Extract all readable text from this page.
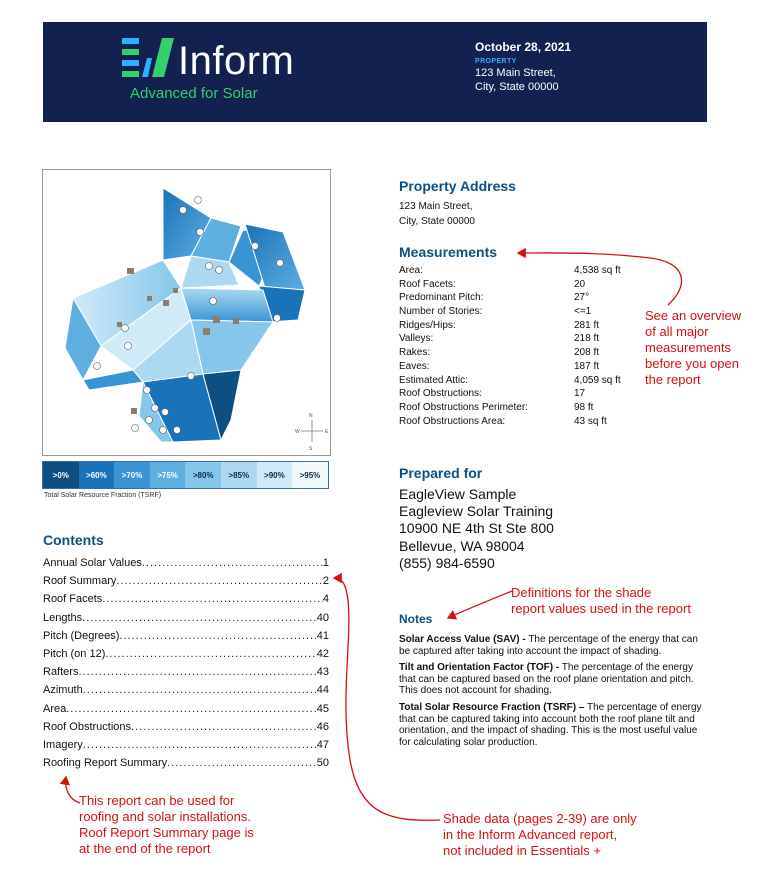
Inform
Advanced for Solar
October 28, 2021
PROPERTY
123 Main Street,
City, State 00000
N
S
W	E
>0%	>60%	>70%	>75%	>80%	>85%	>90%	>95%
Total Solar Resource Fraction (TSRF)
Contents
Annual Solar Values .....	1
Roof Summary .....	2
Roof Facets .....	4
Lengths .....	40
Pitch (Degrees) .....	41
Pitch (on 12) .....	42
Rafters .....	43
Azimuth .....	44
Area .....	45
Roof Obstructions .....	46
Imagery .....	47
Roofing Report Summary .....	50
Property Address
123 Main Street,
City, State 00000
Measurements
Area:	4,538 sq ft
Roof Facets:	20
Predominant Pitch:	27°
Number of Stories:	<=1
Ridges/Hips:	281 ft
Valleys:	218 ft
Rakes:	208 ft
Eaves:	187 ft
Estimated Attic:	4,059 sq ft
Roof Obstructions:	17
Roof Obstructions Perimeter:	98 ft
Roof Obstructions Area:	43 sq ft
Prepared for
EagleView Sample
Eagleview Solar Training
10900 NE 4th St Ste 800
Bellevue, WA 98004
(855) 984-6590
Notes

Solar Access Value (SAV) - The percentage of the energy that can be captured after taking into account the impact of shading.

Tilt and Orientation Factor (TOF) - The percentage of the energy that can be captured based on the roof plane orientation and pitch. This does not account for shading.

Total Solar Resource Fraction (TSRF) – The percentage of energy that can be captured taking into account both the roof plane tilt and orientation, and the impact of shading. This is the most useful value for calculating solar production.

See an overview
of all major
measurements
before you open
the report
Definitions for the shade
report values used in the report
This report can be used for
roofing and solar installations.
Roof Report Summary page is
at the end of the report
Shade data (pages 2-39) are only
in the Inform Advanced report,
not included in Essentials +
